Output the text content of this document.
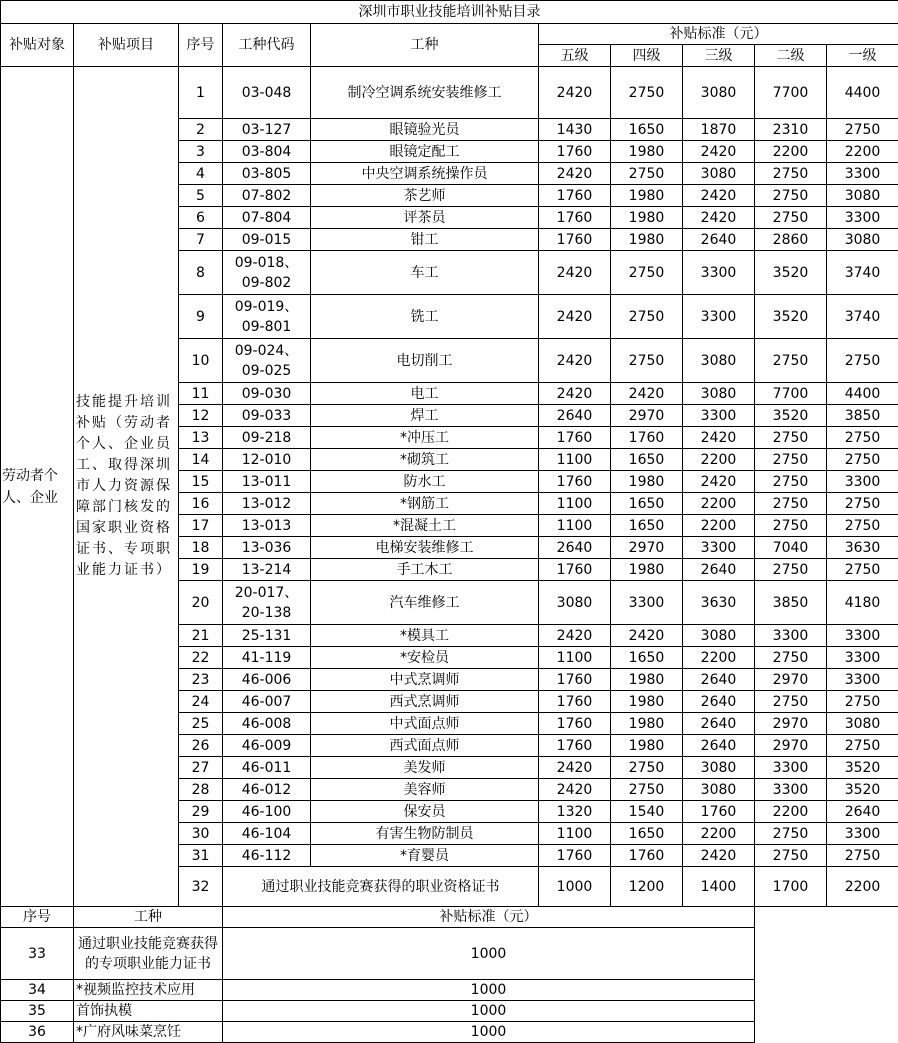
深圳市职业技能培训补贴目录									
补贴对象	补贴项目	序号	工种代码	工种	补贴标准（元）				
					五级	四级	三级	二级	一级
劳动者个人、企业	技能提升培训补贴（劳动者个人、企业员工、取得深圳市人力资源保障部门核发的国家职业资格证书、专项职业能力证书）	1	03-048	制冷空调系统安装维修工	2420	2750	3080	7700	4400
		2	03-127	眼镜验光员	1430	1650	1870	2310	2750
		3	03-804	眼镜定配工	1760	1980	2420	2200	2200
		4	03-805	中央空调系统操作员	2420	2750	3080	2750	3300
		5	07-802	茶艺师	1760	1980	2420	2750	3080
		6	07-804	评茶员	1760	1980	2420	2750	3300
		7	09-015	钳工	1760	1980	2640	2860	3080
		8	09-018、
09-802	车工	2420	2750	3300	3520	3740
		9	09-019、
09-801	铣工	2420	2750	3300	3520	3740
		10	09-024、
09-025	电切削工	2420	2750	3080	2750	2750
		11	09-030	电工	2420	2420	3080	7700	4400
		12	09-033	焊工	2640	2970	3300	3520	3850
		13	09-218	*冲压工	1760	1760	2420	2750	2750
		14	12-010	*砌筑工	1100	1650	2200	2750	2750
		15	13-011	防水工	1760	1980	2420	2750	3300
		16	13-012	*钢筋工	1100	1650	2200	2750	2750
		17	13-013	*混凝土工	1100	1650	2200	2750	2750
		18	13-036	电梯安装维修工	2640	2970	3300	7040	3630
		19	13-214	手工木工	1760	1980	2640	2750	2750
		20	20-017、
20-138	汽车维修工	3080	3300	3630	3850	4180
		21	25-131	*模具工	2420	2420	3080	3300	3300
		22	41-119	*安检员	1100	1650	2200	2750	3300
		23	46-006	中式烹调师	1760	1980	2640	2970	3300
		24	46-007	西式烹调师	1760	1980	2640	2750	2750
		25	46-008	中式面点师	1760	1980	2640	2970	3080
		26	46-009	西式面点师	1760	1980	2640	2970	2750
		27	46-011	美发师	2420	2750	3080	3300	3520
		28	46-012	美容师	2420	2750	3080	3300	3520
		29	46-100	保安员	1320	1540	1760	2200	2640
		30	46-104	有害生物防制员	1100	1650	2200	2750	3300
		31	46-112	*育婴员	1760	1760	2420	2750	2750
		32	通过职业技能竞赛获得的职业资格证书		1000	1200	1400	1700	2200
序号	工种		补贴标准（元）						
33	通过职业技能竞赛获得的专项职业能力证书		1000						
34	*视频监控技术应用		1000						
35	首饰执模		1000						
36	*广府风味菜烹饪		1000						
